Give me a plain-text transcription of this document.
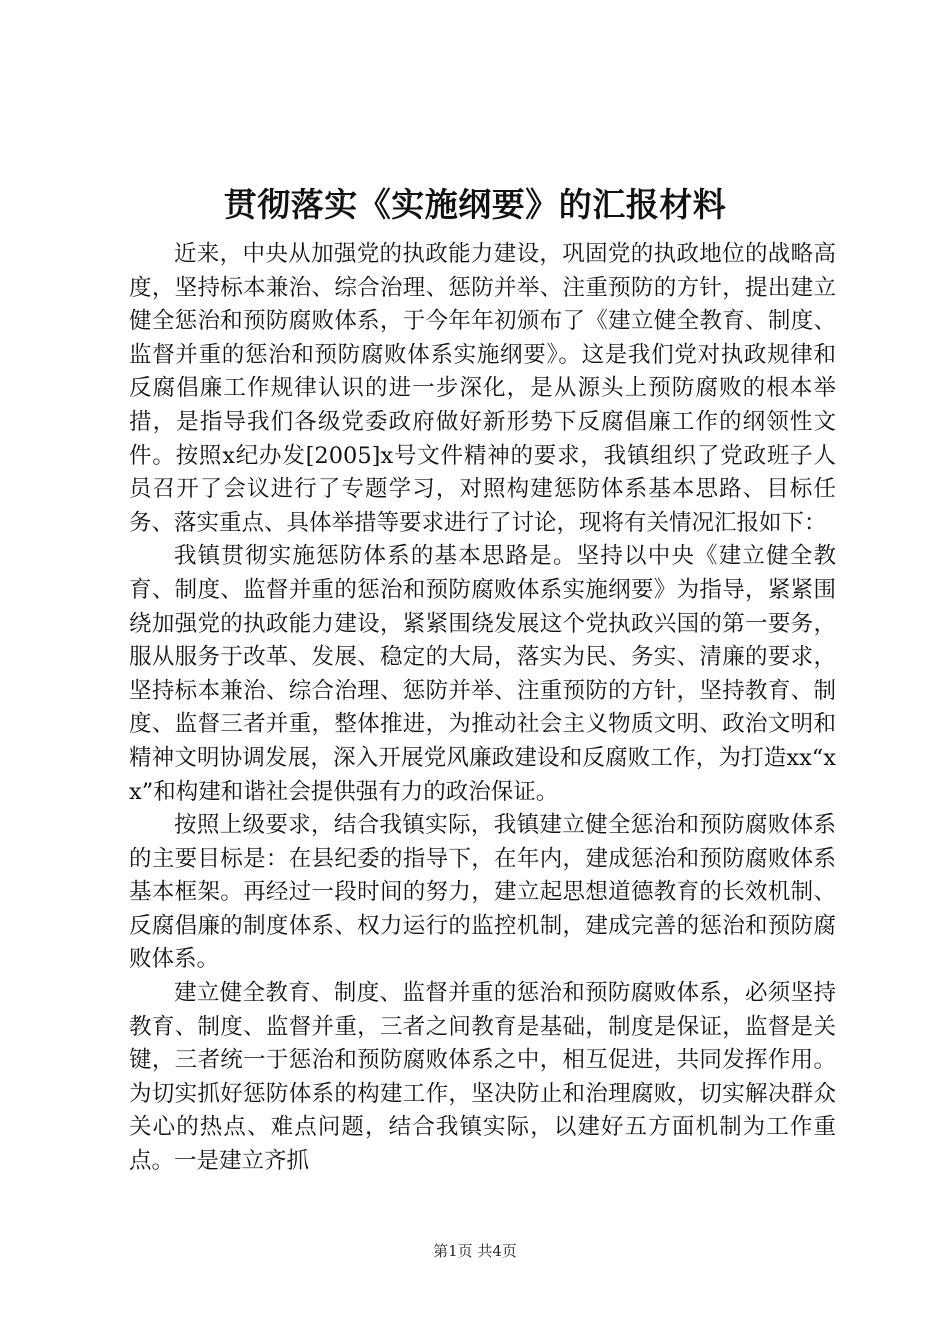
贯彻落实《实施纲要》的汇报材料

近来，中央从加强党的执政能力建设，巩固党的执政地位的战略高度，坚持标本兼治、综合治理、惩防并举、注重预防的方针，提出建立健全惩治和预防腐败体系，于今年年初颁布了《建立健全教育、制度、监督并重的惩治和预防腐败体系实施纲要》。这是我们党对执政规律和反腐倡廉工作规律认识的进一步深化，是从源头上预防腐败的根本举措，是指导我们各级党委政府做好新形势下反腐倡廉工作的纲领性文件。按照x纪办发[2005]x号文件精神的要求，我镇组织了党政班子人员召开了会议进行了专题学习，对照构建惩防体系基本思路、目标任务、落实重点、具体举措等要求进行了讨论，现将有关情况汇报如下：

我镇贯彻实施惩防体系的基本思路是。坚持以中央《建立健全教育、制度、监督并重的惩治和预防腐败体系实施纲要》为指导，紧紧围绕加强党的执政能力建设，紧紧围绕发展这个党执政兴国的第一要务，服从服务于改革、发展、稳定的大局，落实为民、务实、清廉的要求，坚持标本兼治、综合治理、惩防并举、注重预防的方针，坚持教育、制度、监督三者并重，整体推进，为推动社会主义物质文明、政治文明和精神文明协调发展，深入开展党风廉政建设和反腐败工作，为打造xx“xx”和构建和谐社会提供强有力的政治保证。

按照上级要求，结合我镇实际，我镇建立健全惩治和预防腐败体系的主要目标是：在县纪委的指导下，在年内，建成惩治和预防腐败体系基本框架。再经过一段时间的努力，建立起思想道德教育的长效机制、反腐倡廉的制度体系、权力运行的监控机制，建成完善的惩治和预防腐败体系。

建立健全教育、制度、监督并重的惩治和预防腐败体系，必须坚持教育、制度、监督并重，三者之间教育是基础，制度是保证，监督是关键，三者统一于惩治和预防腐败体系之中，相互促进，共同发挥作用。为切实抓好惩防体系的构建工作，坚决防止和治理腐败，切实解决群众关心的热点、难点问题，结合我镇实际，以建好五方面机制为工作重点。一是建立齐抓

第1页 共4页
